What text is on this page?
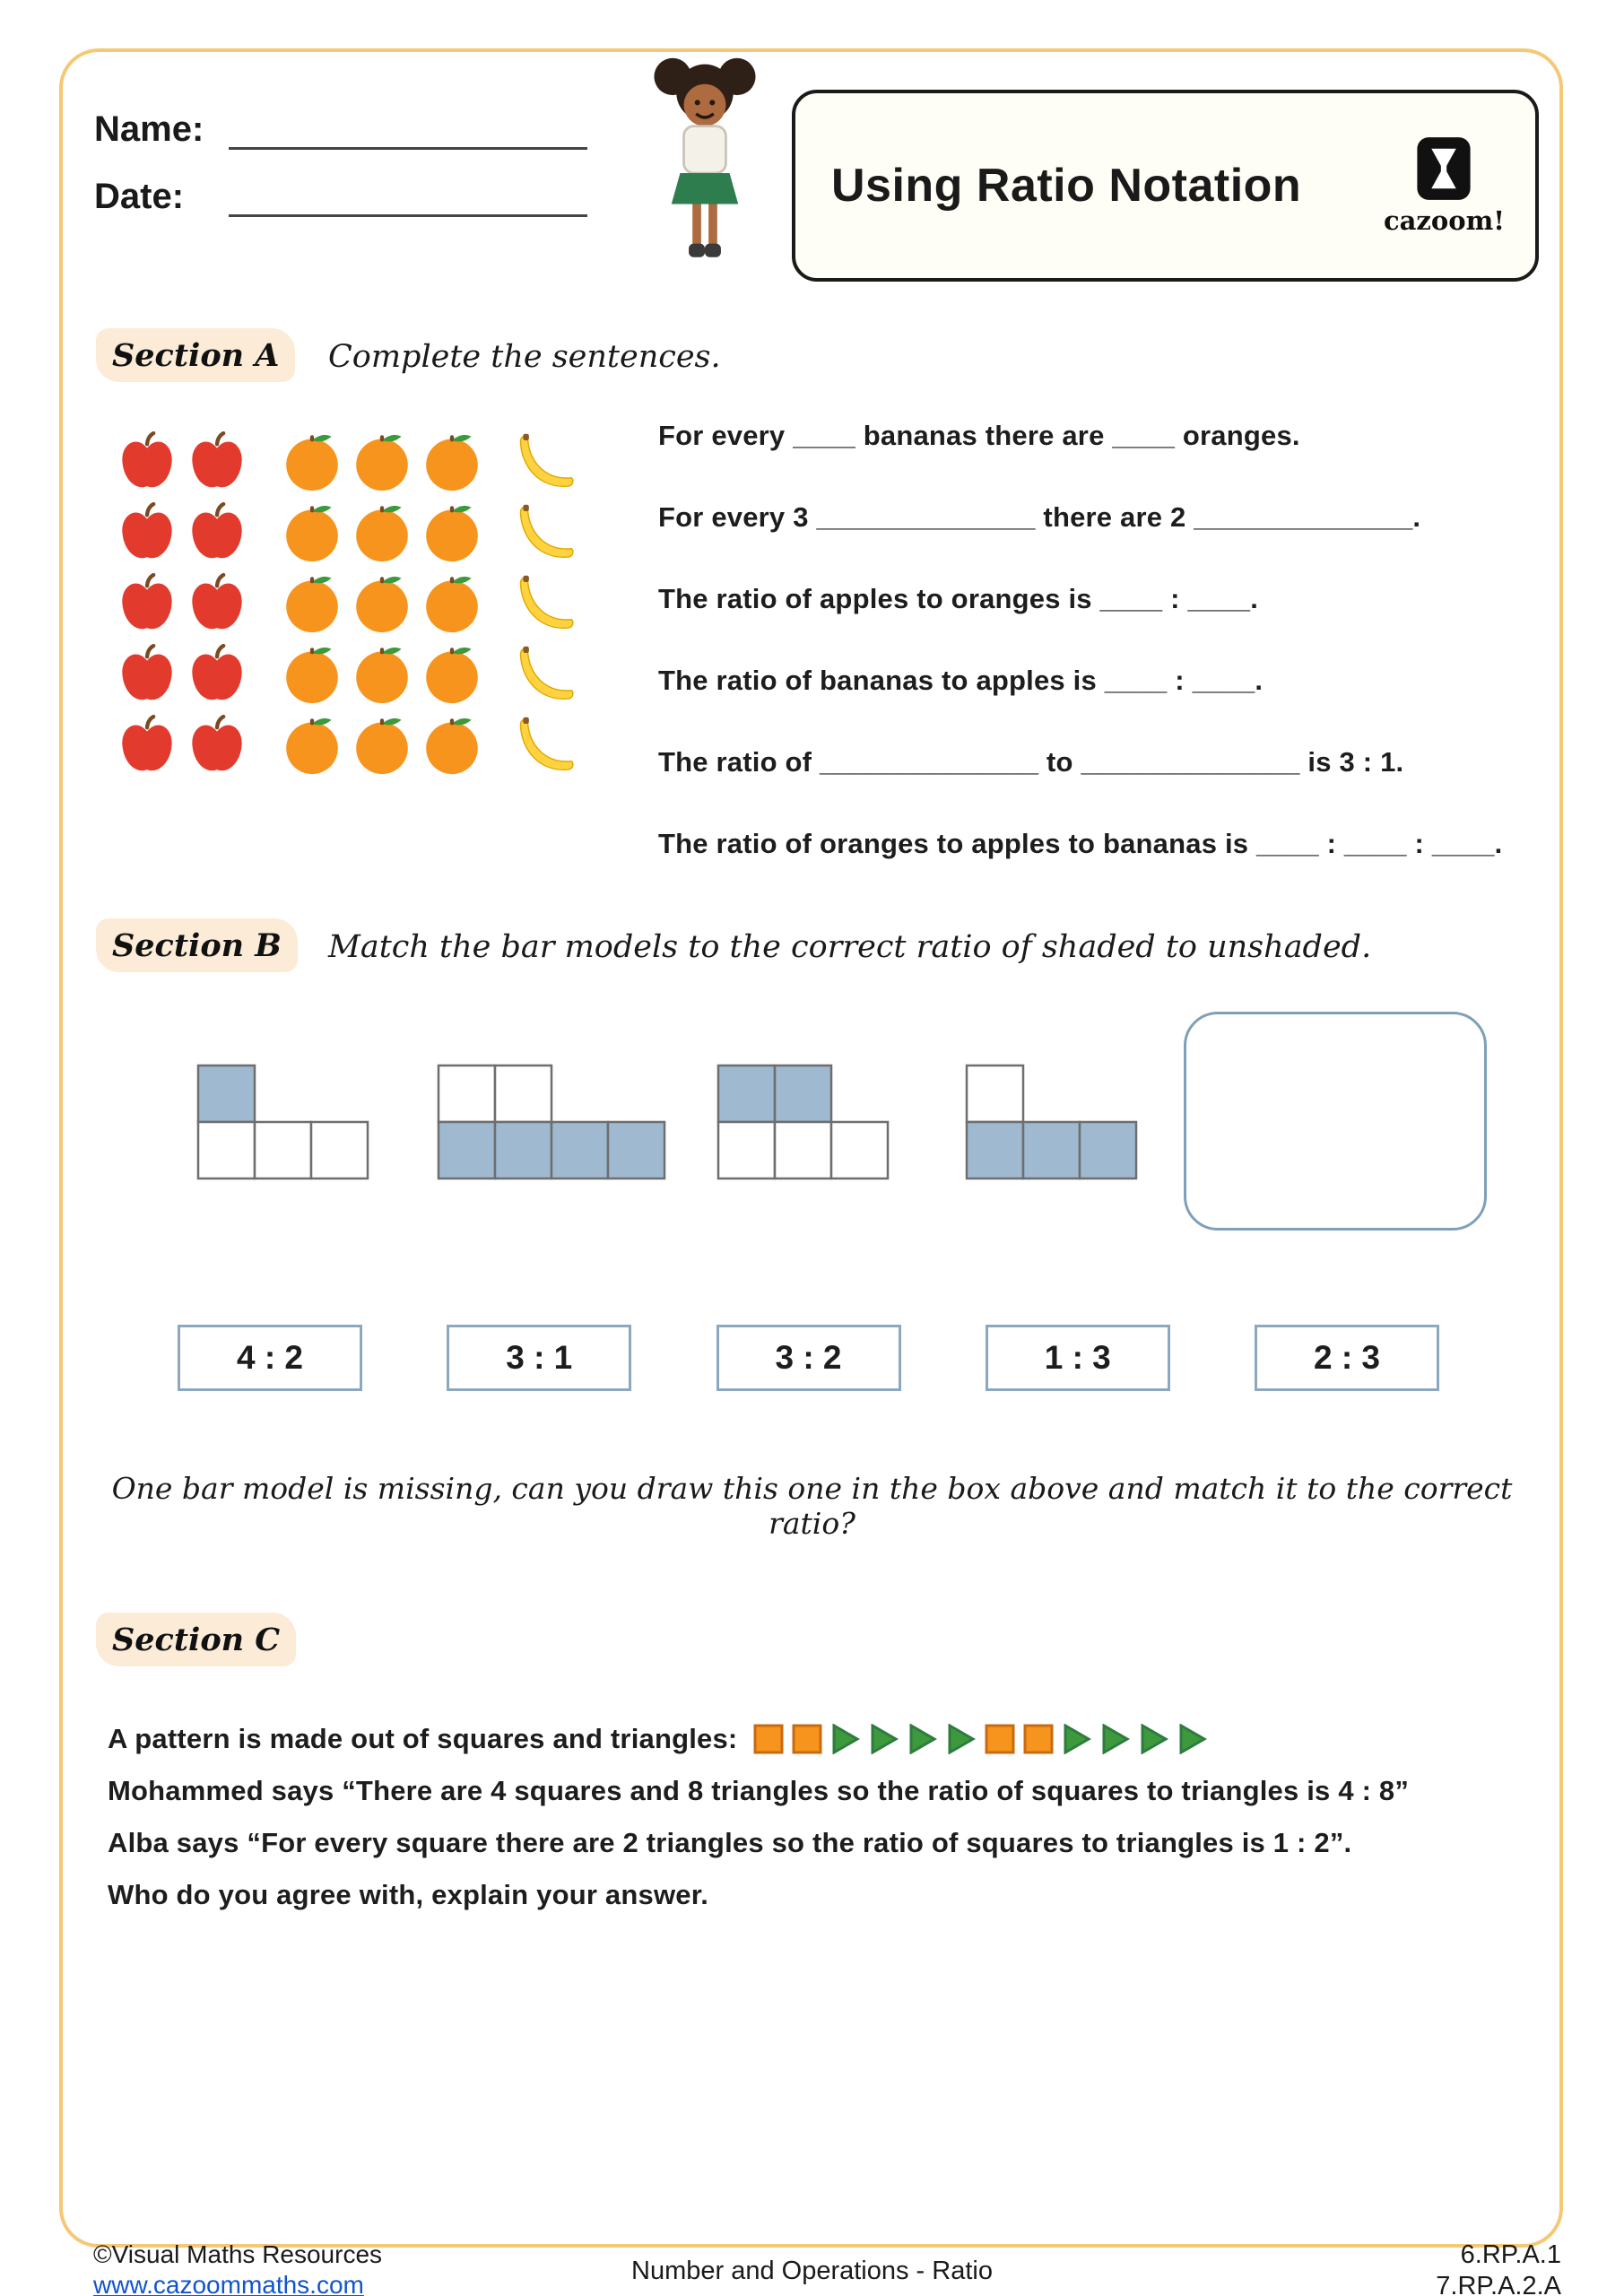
Name:
Date:	Using Ratio Notation
cazoom!
Section A	Complete the sentences.
For every ____ bananas there are ____ oranges.
For every 3 ______________ there are 2 ______________.
The ratio of apples to oranges is ____ : ____.
The ratio of bananas to apples is ____ : ____.
The ratio of ______________ to ______________ is 3 : 1.
The ratio of oranges to apples to bananas is ____ : ____ : ____.
Section B	Match the bar models to the correct ratio of shaded to unshaded.
4 : 2	3 : 1	3 : 2	1 : 3	2 : 3
One bar model is missing, can you draw this one in the box above and match it to the correct ratio?
Section C
A pattern is made out of squares and triangles:
Mohammed says “There are 4 squares and 8 triangles so the ratio of squares to triangles is 4 : 8”
Alba says “For every square there are 2 triangles so the ratio of squares to triangles is 1 : 2”.
Who do you agree with, explain your answer.
©Visual Maths Resources
www.cazoommaths.com	Number and Operations - Ratio
6.RP.A.1
7.RP.A.2.A
